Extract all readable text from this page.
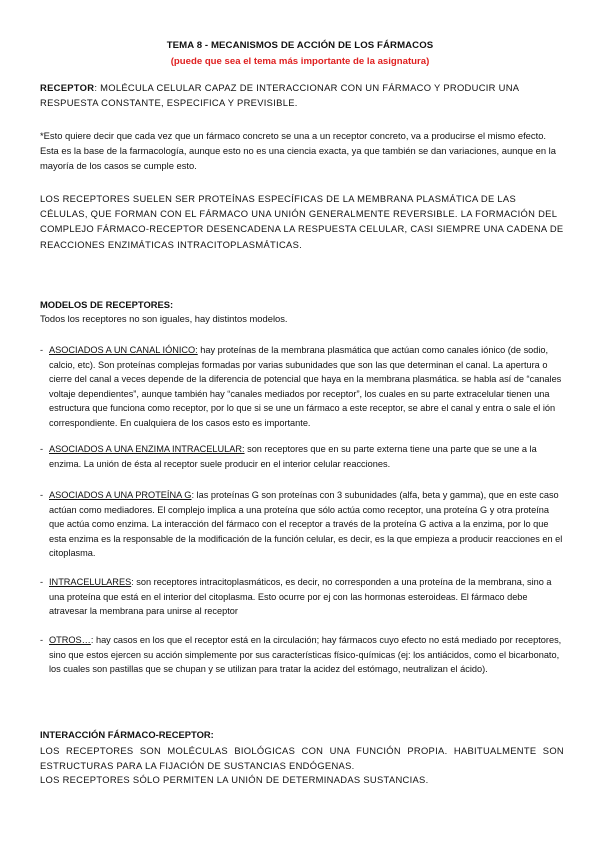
TEMA 8 - MECANISMOS DE ACCIÓN DE LOS FÁRMACOS
(puede que sea el tema más importante de la asignatura)
RECEPTOR: MOLÉCULA CELULAR CAPAZ DE INTERACCIONAR CON UN FÁRMACO Y PRODUCIR UNA RESPUESTA CONSTANTE, ESPECIFICA Y PREVISIBLE.
*Esto quiere decir que cada vez que un fármaco concreto se una a un receptor concreto, va a producirse el mismo efecto. Esta es la base de la farmacología, aunque esto no es una ciencia exacta, ya que también se dan variaciones, aunque en la mayoría de los casos se cumple esto.
LOS RECEPTORES SUELEN SER PROTEÍNAS ESPECÍFICAS DE LA MEMBRANA PLASMÁTICA DE LAS CÉLULAS, QUE FORMAN CON EL FÁRMACO UNA UNIÓN GENERALMENTE REVERSIBLE. LA FORMACIÓN DEL COMPLEJO FÁRMACO-RECEPTOR DESENCADENA LA RESPUESTA CELULAR, CASI SIEMPRE UNA CADENA DE REACCIONES ENZIMÁTICAS INTRACITOPLASMÁTICAS.
MODELOS DE RECEPTORES:
Todos los receptores no son iguales, hay distintos modelos.
- ASOCIADOS A UN CANAL IÓNICO: hay proteínas de la membrana plasmática que actúan como canales iónico (de sodio, calcio, etc). Son proteínas complejas formadas por varias subunidades que son las que determinan el canal. La apertura o cierre del canal a veces depende de la diferencia de potencial que haya en la membrana plasmática. se habla así de “canales voltaje dependientes”, aunque también hay “canales mediados por receptor”, los cuales en su parte extracelular tienen una estructura que funciona como receptor, por lo que si se une un fármaco a este receptor, se abre el canal y entra o sale el ión correspondiente. En cualquiera de los casos esto es importante.
- ASOCIADOS A UNA ENZIMA INTRACELULAR: son receptores que en su parte externa tiene una parte que se une a la enzima. La unión de ésta al receptor suele producir en el interior celular reacciones.
- ASOCIADOS A UNA PROTEÍNA G: las proteínas G son proteínas con 3 subunidades (alfa, beta y gamma), que en este caso actúan como mediadores. El complejo implica a una proteína que sólo actúa como receptor, una proteína G y otra proteína que actúa como enzima. La interacción del fármaco con el receptor a través de la proteína G activa a la enzima, por lo que esta enzima es la responsable de la modificación de la función celular, es decir, es la que empieza a producir reacciones en el citoplasma.
- INTRACELULARES: son receptores intracitoplasmáticos, es decir, no corresponden a una proteína de la membrana, sino a una proteína que está en el interior del citoplasma. Esto ocurre por ej con las hormonas esteroideas. El fármaco debe atravesar la membrana para unirse al receptor
- OTROS…: hay casos en los que el receptor está en la circulación; hay fármacos cuyo efecto no está mediado por receptores, sino que estos ejercen su acción simplemente por sus características físico-químicas (ej: los antiácidos, como el bicarbonato, los cuales son pastillas que se chupan y se utilizan para tratar la acidez del estómago, neutralizan el ácido).
INTERACCIÓN FÁRMACO-RECEPTOR:
LOS RECEPTORES SON MOLÉCULAS BIOLÓGICAS CON UNA FUNCIÓN PROPIA. HABITUALMENTE SON ESTRUCTURAS PARA LA FIJACIÓN DE SUSTANCIAS ENDÓGENAS.
LOS RECEPTORES SÓLO PERMITEN LA UNIÓN DE DETERMINADAS SUSTANCIAS.
